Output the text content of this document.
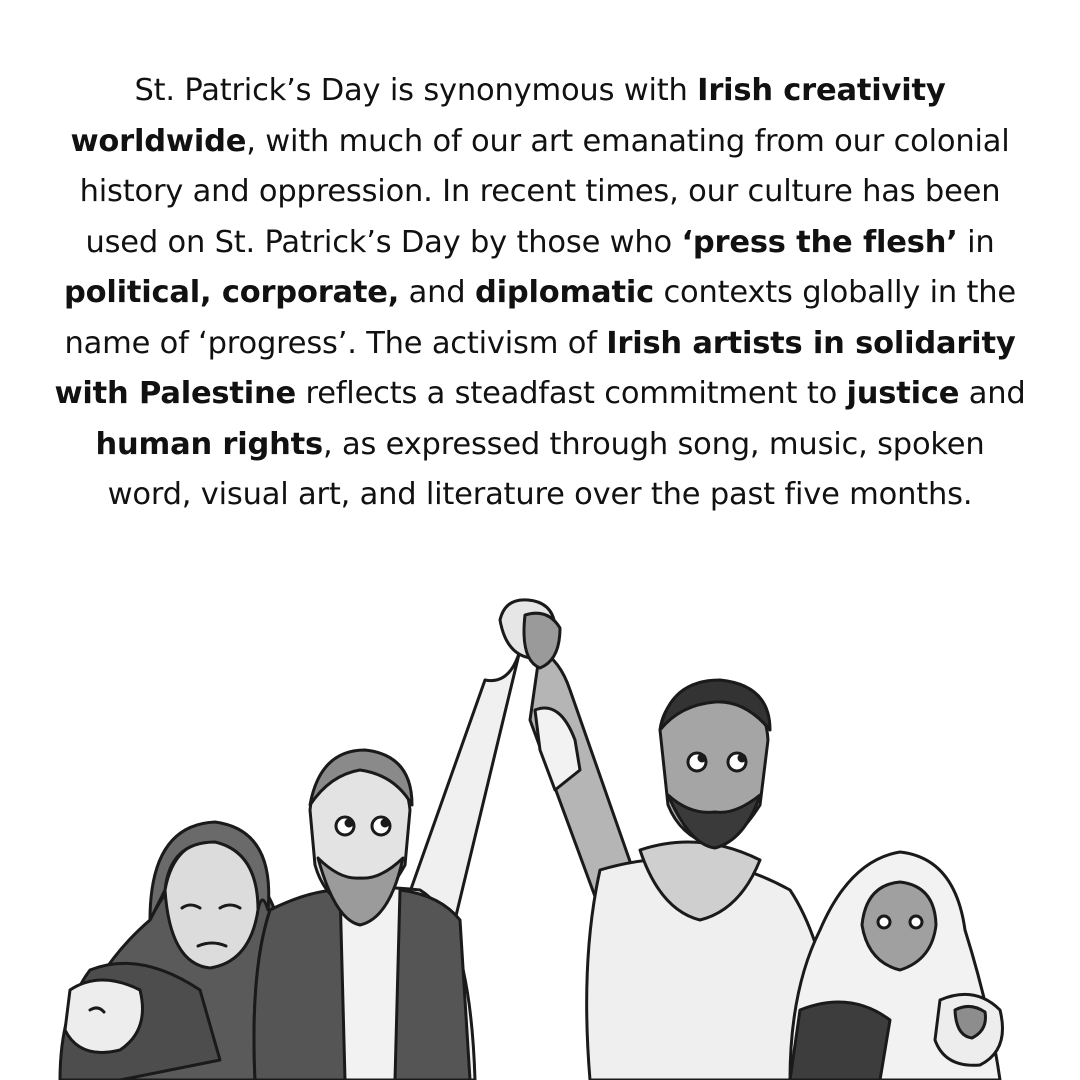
St. Patrick’s Day is synonymous with Irish creativity worldwide, with much of our art emanating from our colonial history and oppression. In recent times, our culture has been used on St. Patrick’s Day by those who ‘press the flesh’ in political, corporate, and diplomatic contexts globally in the name of ‘progress’. The activism of Irish artists in solidarity with Palestine reflects a steadfast commitment to justice and human rights, as expressed through song, music, spoken word, visual art, and literature over the past five months.
